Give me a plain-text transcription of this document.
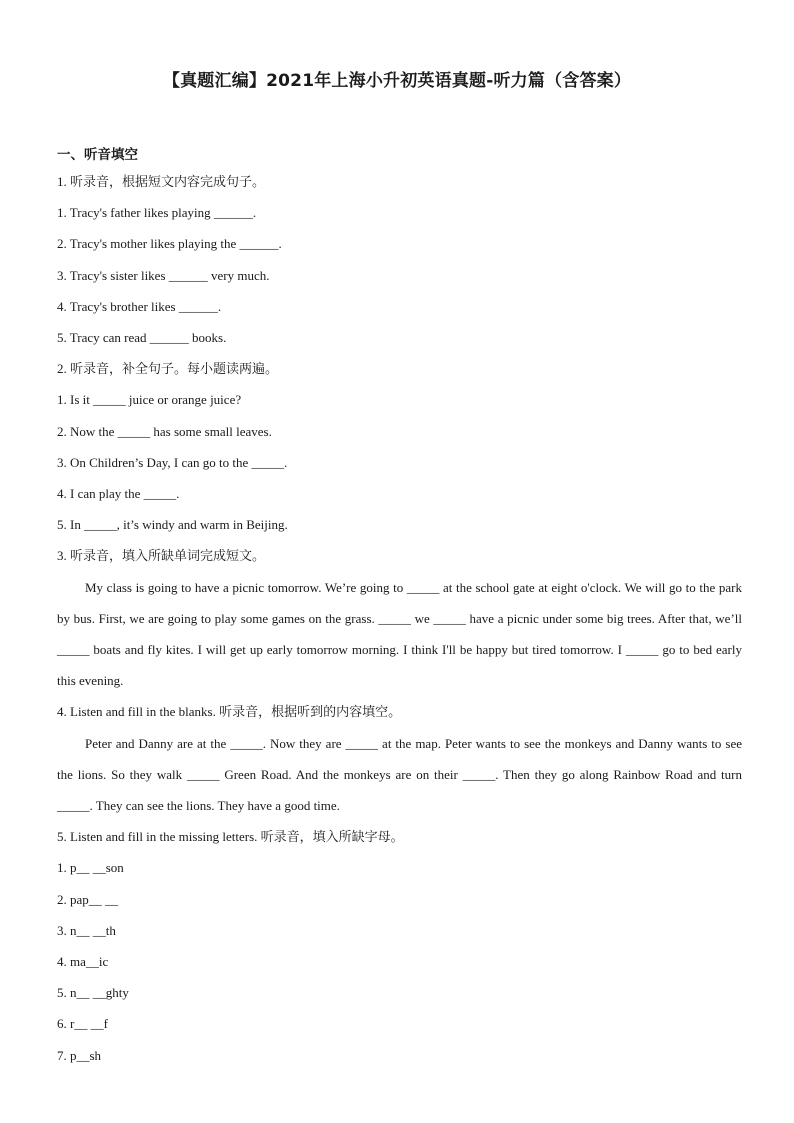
【真题汇编】2021年上海小升初英语真题-听力篇（含答案）
一、听音填空
1. 听录音，根据短文内容完成句子。
1. Tracy's father likes playing ______.
2. Tracy's mother likes playing the ______.
3. Tracy's sister likes ______ very much.
4. Tracy's brother likes ______.
5. Tracy can read ______ books.
2. 听录音，补全句子。每小题读两遍。
1. Is it _____ juice or orange juice?
2. Now the _____ has some small leaves.
3. On Children’s Day, I can go to the _____.
4. I can play the _____.
5. In _____, it’s windy and warm in Beijing.
3. 听录音，填入所缺单词完成短文。
My class is going to have a picnic tomorrow. We’re going to _____ at the school gate at eight o'clock. We will go to the park by bus. First, we are going to play some games on the grass. _____ we _____ have a picnic under some big trees. After that, we’ll _____ boats and fly kites. I will get up early tomorrow morning. I think I'll be happy but tired tomorrow. I _____ go to bed early this evening.
4. Listen and fill in the blanks. 听录音，根据听到的内容填空。
Peter and Danny are at the _____. Now they are _____ at the map. Peter wants to see the monkeys and Danny wants to see the lions. So they walk _____ Green Road. And the monkeys are on their _____. Then they go along Rainbow Road and turn _____. They can see the lions. They have a good time.
5. Listen and fill in the missing letters. 听录音，填入所缺字母。
1. p__ __son
2. pap__ __
3. n__ __th
4. ma__ic
5. n__ __ghty
6. r__ __f
7. p__sh
